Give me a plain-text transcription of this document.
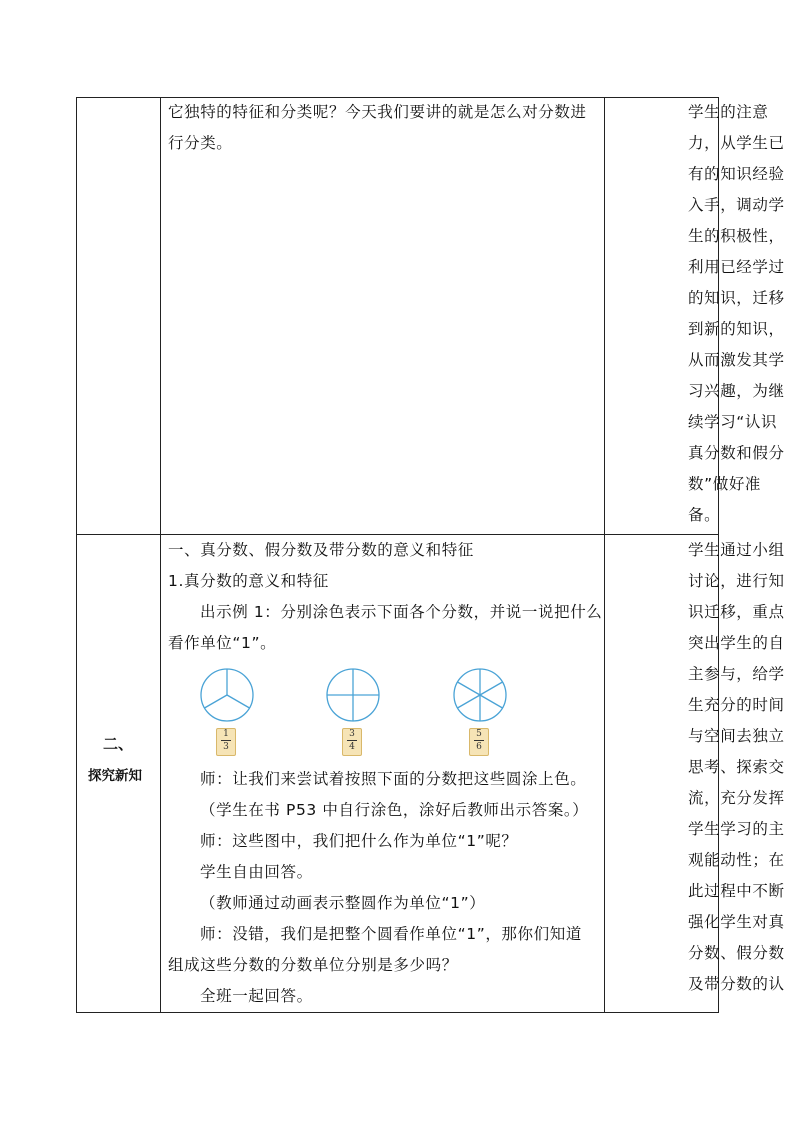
它独特的特征和分类呢？今天我们要讲的就是怎么对分数进
行分类。
学生的注意
力，从学生已
有的知识经验
入手，调动学
生的积极性，
利用已经学过
的知识，迁移
到新的知识，
从而激发其学
习兴趣，为继
续学习“认识
真分数和假分
数”做好准
备。
二、
探究新知
一、真分数、假分数及带分数的意义和特征
1.真分数的意义和特征
出示例 1：分别涂色表示下面各个分数，并说一说把什么
看作单位“1”。
1
3
3
4
5
6
师：让我们来尝试着按照下面的分数把这些圆涂上色。
（学生在书 P53 中自行涂色，涂好后教师出示答案。）
师：这些图中，我们把什么作为单位“1”呢？
学生自由回答。
（教师通过动画表示整圆作为单位“1”）
师：没错，我们是把整个圆看作单位“1”，那你们知道
组成这些分数的分数单位分别是多少吗？
全班一起回答。
学生通过小组
讨论，进行知
识迁移，重点
突出学生的自
主参与，给学
生充分的时间
与空间去独立
思考、探索交
流，充分发挥
学生学习的主
观能动性；在
此过程中不断
强化学生对真
分数、假分数
及带分数的认
